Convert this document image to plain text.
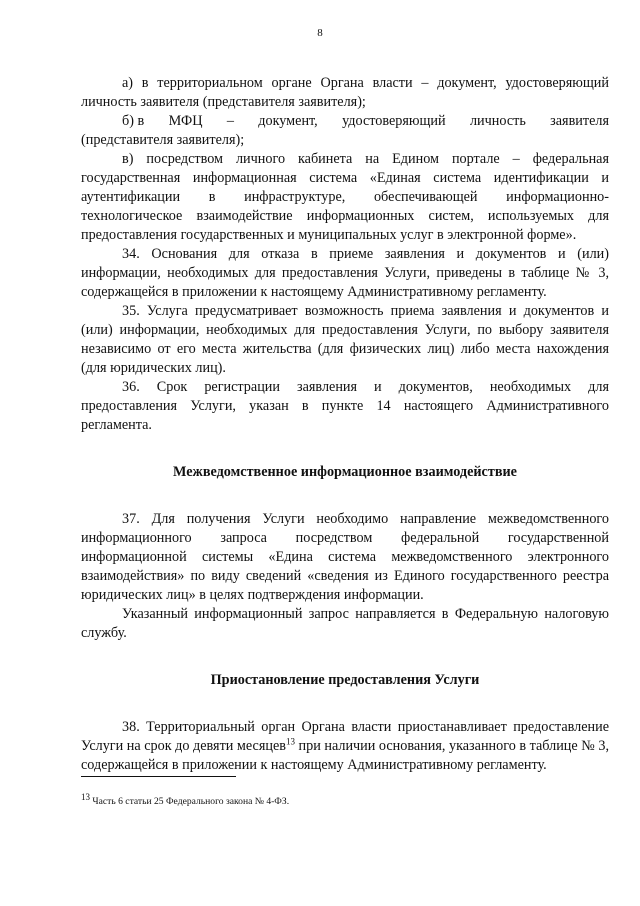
8

а) в территориальном органе Органа власти – документ, удостоверяющий личность заявителя (представителя заявителя);

б) в МФЦ – документ, удостоверяющий личность заявителя
(представителя заявителя);

в) посредством личного кабинета на Едином портале – федеральная государственная информационная система «Единая система идентификации и аутентификации в инфраструктуре, обеспечивающей информационно-технологическое взаимодействие информационных систем, используемых для предоставления государственных и муниципальных услуг в электронной форме».

34. Основания для отказа в приеме заявления и документов и (или) информации, необходимых для предоставления Услуги, приведены в таблице № 3, содержащейся в приложении к настоящему Административному регламенту.

35. Услуга предусматривает возможность приема заявления и документов и (или) информации, необходимых для предоставления Услуги, по выбору заявителя независимо от его места жительства (для физических лиц) либо места нахождения (для юридических лиц).

36. Срок регистрации заявления и документов, необходимых для предоставления Услуги, указан в пункте 14 настоящего Административного регламента.

Межведомственное информационное взаимодействие

37. Для получения Услуги необходимо направление межведомственного информационного запроса посредством федеральной государственной информационной системы «Едина система межведомственного электронного взаимодействия» по виду сведений «сведения из Единого государственного реестра юридических лиц» в целях подтверждения информации.

Указанный информационный запрос направляется в Федеральную налоговую службу.

Приостановление предоставления Услуги

38. Территориальный орган Органа власти приостанавливает предоставление Услуги на срок до девяти месяцев$^{13}$ при наличии основания, указанного в таблице № 3, содержащейся в приложении к настоящему Административному регламенту.

$^{13}$ Часть 6 статьи 25 Федерального закона № 4-ФЗ.
